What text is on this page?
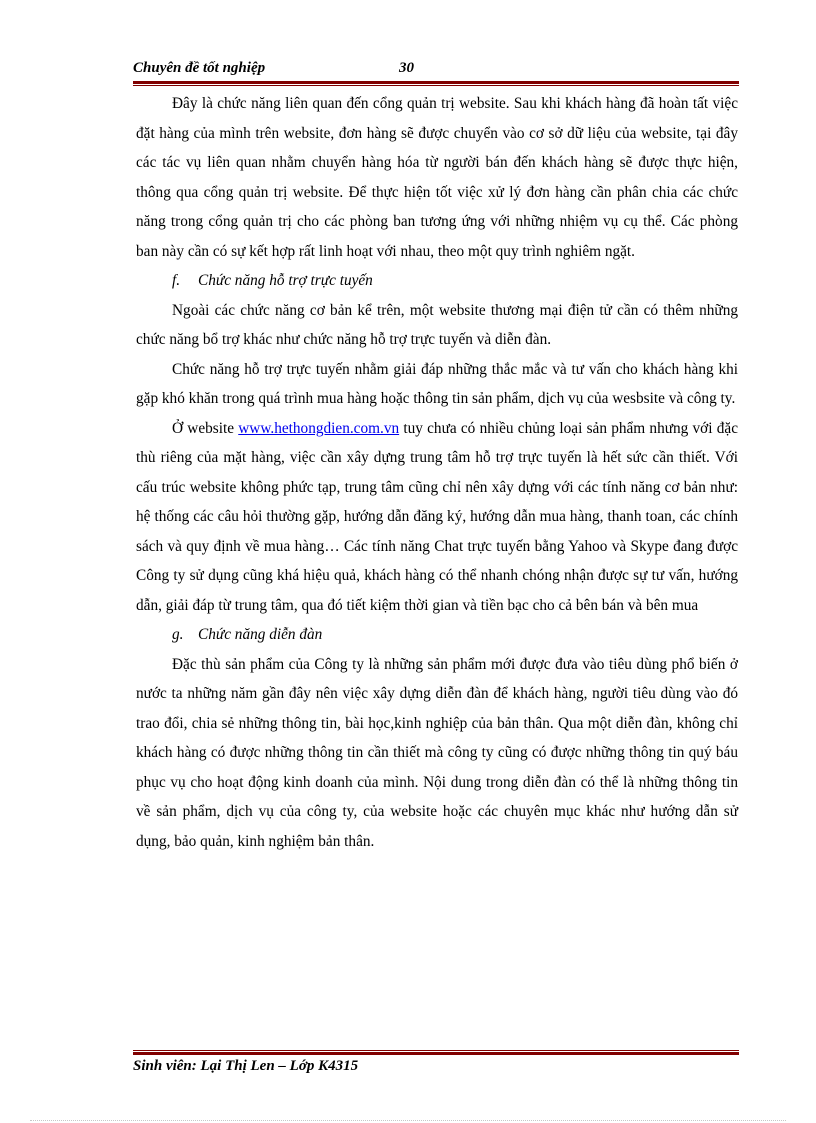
Chuyên đề tốt nghiệp	30

Đây là chức năng liên quan đến cổng quản trị website. Sau khi khách hàng đã hoàn tất việc đặt hàng của mình trên website, đơn hàng sẽ được chuyển vào cơ sở dữ liệu của website, tại đây các tác vụ liên quan nhằm chuyển hàng hóa từ người bán đến khách hàng sẽ được thực hiện, thông qua cổng quản trị website. Để thực hiện tốt việc xử lý đơn hàng cần phân chia các chức năng trong cổng quản trị cho các phòng ban tương ứng với những nhiệm vụ cụ thể. Các phòng ban này cần có sự kết hợp rất linh hoạt với nhau, theo một quy trình nghiêm ngặt.

f. Chức năng hỗ trợ trực tuyến

Ngoài các chức năng cơ bản kể trên, một website thương mại điện tử cần có thêm những chức năng bổ trợ khác như chức năng hỗ trợ trực tuyến và diễn đàn.

Chức năng hỗ trợ trực tuyến nhằm giải đáp những thắc mắc và tư vấn cho khách hàng khi gặp khó khăn trong quá trình mua hàng hoặc thông tin sản phẩm, dịch vụ của wesbsite và công ty.

Ở website www.hethongdien.com.vn tuy chưa có nhiều chủng loại sản phẩm nhưng với đặc thù riêng của mặt hàng, việc cần xây dựng trung tâm hỗ trợ trực tuyến là hết sức cần thiết. Với cấu trúc website không phức tạp, trung tâm cũng chỉ nên xây dựng với các tính năng cơ bản như: hệ thống các câu hỏi thường gặp, hướng dẫn đăng ký, hướng dẫn mua hàng, thanh toan, các chính sách và quy định về mua hàng… Các tính năng Chat trực tuyến bằng Yahoo và Skype đang được Công ty sử dụng cũng khá hiệu quả, khách hàng có thể nhanh chóng nhận được sự tư vấn, hướng dẫn, giải đáp từ trung tâm, qua đó tiết kiệm thời gian và tiền bạc cho cả bên bán và bên mua

g. Chức năng diễn đàn

Đặc thù sản phẩm của Công ty là những sản phẩm mới được đưa vào tiêu dùng phổ biến ở nước ta những năm gần đây nên việc xây dựng diễn đàn để khách hàng, người tiêu dùng vào đó trao đổi, chia sẻ những thông tin, bài học,kinh nghiệp của bản thân. Qua một diễn đàn, không chỉ khách hàng có được những thông tin cần thiết mà công ty cũng có được những thông tin quý báu phục vụ cho hoạt động kinh doanh của mình. Nội dung trong diễn đàn có thể là những thông tin về sản phẩm, dịch vụ của công ty, của website hoặc các chuyên mục khác như hướng dẫn sử dụng, bảo quản, kinh nghiệm bản thân.

Sinh viên: Lại Thị Len – Lớp K4315
